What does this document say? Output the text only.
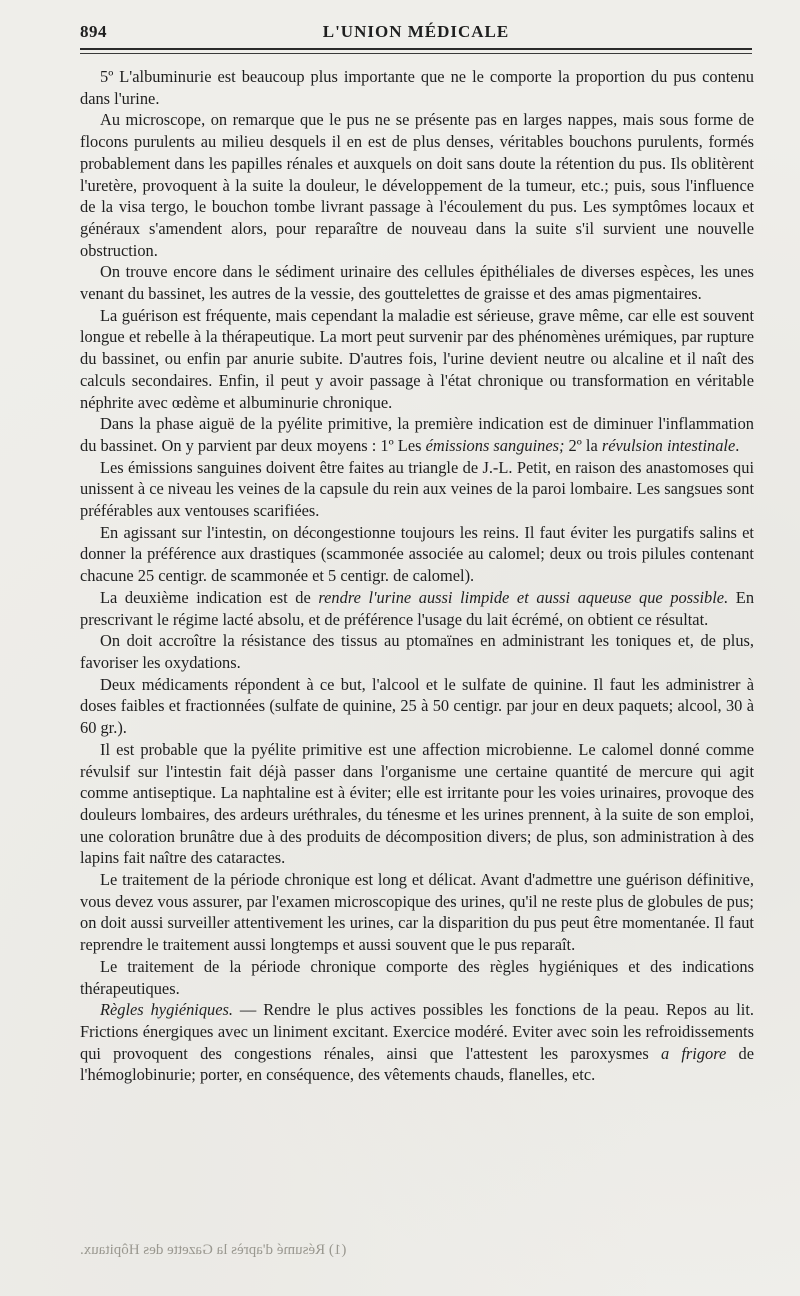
894	L'UNION MÉDICALE

5º L'albuminurie est beaucoup plus importante que ne le comporte la proportion du pus contenu dans l'urine.

Au microscope, on remarque que le pus ne se présente pas en larges nappes, mais sous forme de flocons purulents au milieu desquels il en est de plus denses, véritables bouchons purulents, formés probablement dans les papilles rénales et auxquels on doit sans doute la rétention du pus. Ils oblitèrent l'uretère, provoquent à la suite la douleur, le développement de la tumeur, etc.; puis, sous l'influence de la visa tergo, le bouchon tombe livrant passage à l'écoulement du pus. Les symptômes locaux et généraux s'amendent alors, pour reparaître de nouveau dans la suite s'il survient une nouvelle obstruction.

On trouve encore dans le sédiment urinaire des cellules épithéliales de diverses espèces, les unes venant du bassinet, les autres de la vessie, des gouttelettes de graisse et des amas pigmentaires.

La guérison est fréquente, mais cependant la maladie est sérieuse, grave même, car elle est souvent longue et rebelle à la thérapeutique. La mort peut survenir par des phénomènes urémiques, par rupture du bassinet, ou enfin par anurie subite. D'autres fois, l'urine devient neutre ou alcaline et il naît des calculs secondaires. Enfin, il peut y avoir passage à l'état chronique ou transformation en véritable néphrite avec œdème et albuminurie chronique.

Dans la phase aiguë de la pyélite primitive, la première indication est de diminuer l'inflammation du bassinet. On y parvient par deux moyens : 1º Les émissions sanguines; 2º la révulsion intestinale.

Les émissions sanguines doivent être faites au triangle de J.-L. Petit, en raison des anastomoses qui unissent à ce niveau les veines de la capsule du rein aux veines de la paroi lombaire. Les sangsues sont préférables aux ventouses scarifiées.

En agissant sur l'intestin, on décongestionne toujours les reins. Il faut éviter les purgatifs salins et donner la préférence aux drastiques (scammonée associée au calomel; deux ou trois pilules contenant chacune 25 centigr. de scammonée et 5 centigr. de calomel).

La deuxième indication est de rendre l'urine aussi limpide et aussi aqueuse que possible. En prescrivant le régime lacté absolu, et de préférence l'usage du lait écrémé, on obtient ce résultat.

On doit accroître la résistance des tissus au ptomaïnes en administrant les toniques et, de plus, favoriser les oxydations.

Deux médicaments répondent à ce but, l'alcool et le sulfate de quinine. Il faut les administrer à doses faibles et fractionnées (sulfate de quinine, 25 à 50 centigr. par jour en deux paquets; alcool, 30 à 60 gr.).

Il est probable que la pyélite primitive est une affection microbienne. Le calomel donné comme révulsif sur l'intestin fait déjà passer dans l'organisme une certaine quantité de mercure qui agit comme antiseptique. La naphtaline est à éviter; elle est irritante pour les voies urinaires, provoque des douleurs lombaires, des ardeurs uréthrales, du ténesme et les urines prennent, à la suite de son emploi, une coloration brunâtre due à des produits de décomposition divers; de plus, son administration à des lapins fait naître des cataractes.

Le traitement de la période chronique est long et délicat. Avant d'admettre une guérison définitive, vous devez vous assurer, par l'examen microscopique des urines, qu'il ne reste plus de globules de pus; on doit aussi surveiller attentivement les urines, car la disparition du pus peut être momentanée. Il faut reprendre le traitement aussi longtemps et aussi souvent que le pus reparaît.

Le traitement de la période chronique comporte des règles hygiéniques et des indications thérapeutiques.

Règles hygiéniques. — Rendre le plus actives possibles les fonctions de la peau. Repos au lit. Frictions énergiques avec un liniment excitant. Exercice modéré. Eviter avec soin les refroidissements qui provoquent des congestions rénales, ainsi que l'attestent les paroxysmes a frigore de l'hémoglobinurie; porter, en conséquence, des vêtements chauds, flanelles, etc.

(1) Résumé d'après la Gazette des Hôpitaux.
